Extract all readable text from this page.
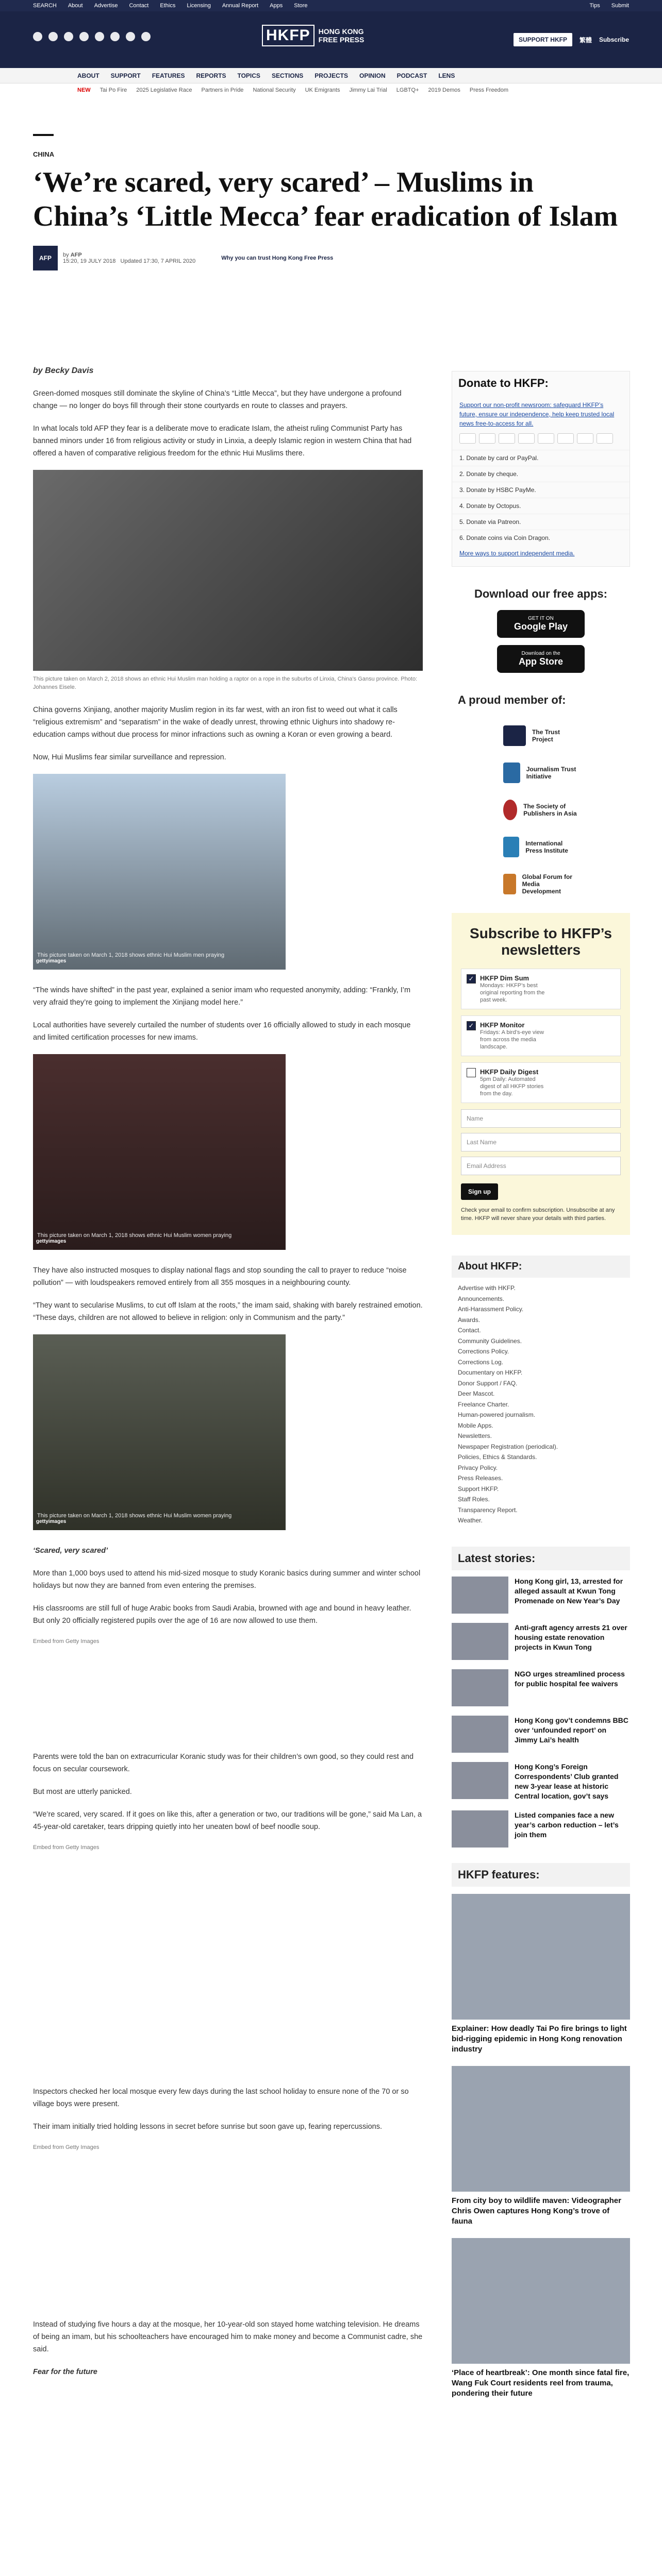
SEARCH About Advertise Contact Ethics Licensing Annual Report Apps Store	Tips Submit
HKFP	HONG KONG
FREE PRESS	SUPPORT HKFP	繁體 Subscribe
ABOUT SUPPORT FEATURES REPORTS TOPICS SECTIONS PROJECTS OPINION PODCAST LENS
NEW Tai Po Fire 2025 Legislative Race Partners in Pride National Security UK Emigrants Jimmy Lai Trial LGBTQ+ 2019 Demos Press Freedom
CHINA
‘We’re scared, very scared’ – Muslims in China’s ‘Little Mecca’ fear eradication of Islam
AFP	by AFP
15:20, 19 JULY 2018 Updated 17:30, 7 APRIL 2020	Why you can trust Hong Kong Free Press

by Becky Davis

Green-domed mosques still dominate the skyline of China’s “Little Mecca”, but they have undergone a profound change — no longer do boys fill through their stone courtyards en route to classes and prayers.

In what locals told AFP they fear is a deliberate move to eradicate Islam, the atheist ruling Communist Party has banned minors under 16 from religious activity or study in Linxia, a deeply Islamic region in western China that had offered a haven of comparative religious freedom for the ethnic Hui Muslims there.

This picture taken on March 2, 2018 shows an ethnic Hui Muslim man holding a raptor on a rope in the suburbs of Linxia, China’s Gansu province. Photo: Johannes Eisele.

China governs Xinjiang, another majority Muslim region in its far west, with an iron fist to weed out what it calls “religious extremism” and “separatism” in the wake of deadly unrest, throwing ethnic Uighurs into shadowy re-education camps without due process for minor infractions such as owning a Koran or even growing a beard.

Now, Hui Muslims fear similar surveillance and repression.

This picture taken on March 1, 2018 shows ethnic Hui Muslim men praying
gettyimages

“The winds have shifted” in the past year, explained a senior imam who requested anonymity, adding: “Frankly, I’m very afraid they’re going to implement the Xinjiang model here.”

Local authorities have severely curtailed the number of students over 16 officially allowed to study in each mosque and limited certification processes for new imams.

This picture taken on March 1, 2018 shows ethnic Hui Muslim women praying
gettyimages

They have also instructed mosques to display national flags and stop sounding the call to prayer to reduce “noise pollution” — with loudspeakers removed entirely from all 355 mosques in a neighbouring county.

“They want to secularise Muslims, to cut off Islam at the roots,” the imam said, shaking with barely restrained emotion. “These days, children are not allowed to believe in religion: only in Communism and the party.”

This picture taken on March 1, 2018 shows ethnic Hui Muslim women praying
gettyimages

‘Scared, very scared’

More than 1,000 boys used to attend his mid-sized mosque to study Koranic basics during summer and winter school holidays but now they are banned from even entering the premises.

His classrooms are still full of huge Arabic books from Saudi Arabia, browned with age and bound in heavy leather. But only 20 officially registered pupils over the age of 16 are now allowed to use them.

Embed from Getty Images

Parents were told the ban on extracurricular Koranic study was for their children’s own good, so they could rest and focus on secular coursework.

But most are utterly panicked.

“We’re scared, very scared. If it goes on like this, after a generation or two, our traditions will be gone,” said Ma Lan, a 45-year-old caretaker, tears dripping quietly into her uneaten bowl of beef noodle soup.

Embed from Getty Images

Inspectors checked her local mosque every few days during the last school holiday to ensure none of the 70 or so village boys were present.

Their imam initially tried holding lessons in secret before sunrise but soon gave up, fearing repercussions.

Embed from Getty Images

Instead of studying five hours a day at the mosque, her 10-year-old son stayed home watching television. He dreams of being an imam, but his schoolteachers have encouraged him to make money and become a Communist cadre, she said.

Fear for the future

Donate to HKFP:
Support our non-profit newsroom: safeguard HKFP’s future, ensure our independence, help keep trusted local news free-to-access for all.
1. Donate by card or PayPal.
2. Donate by cheque.
3. Donate by HSBC PayMe.
4. Donate by Octopus.
5. Donate via Patreon.
6. Donate coins via Coin Dragon.
More ways to support independent media.
Download our free apps:
GET IT ON
Google Play
Download on the
App Store
A proud member of:
The Trust Project
Journalism Trust Initiative
The Society of Publishers in Asia
International Press Institute
Global Forum for Media Development
Subscribe to HKFP’s newsletters
✓ HKFP Dim Sum
Mondays: HKFP’s best original reporting from the past week.
✓ HKFP Monitor
Fridays: A bird’s-eye view from across the media landscape.
HKFP Daily Digest
5pm Daily: Automated digest of all HKFP stories from the day.
Name
Last Name
Email Address
Sign up
Check your email to confirm subscription. Unsubscribe at any time. HKFP will never share your details with third parties.
About HKFP:
Advertise with HKFP.
Announcements.
Anti-Harassment Policy.
Awards.
Contact.
Community Guidelines.
Corrections Policy.
Corrections Log.
Documentary on HKFP.
Donor Support / FAQ.
Deer Mascot.
Freelance Charter.
Human-powered journalism.
Mobile Apps.
Newsletters.
Newspaper Registration (periodical).
Policies, Ethics & Standards.
Privacy Policy.
Press Releases.
Support HKFP.
Staff Roles.
Transparency Report.
Weather.
Latest stories:
Hong Kong girl, 13, arrested for alleged assault at Kwun Tong Promenade on New Year’s Day
Anti-graft agency arrests 21 over housing estate renovation projects in Kwun Tong
NGO urges streamlined process for public hospital fee waivers
Hong Kong gov’t condemns BBC over ‘unfounded report’ on Jimmy Lai’s health
Hong Kong’s Foreign Correspondents’ Club granted new 3-year lease at historic Central location, gov’t says
Listed companies face a new year’s carbon reduction – let’s join them
HKFP features:
Explainer: How deadly Tai Po fire brings to light bid-rigging epidemic in Hong Kong renovation industry
From city boy to wildlife maven: Videographer Chris Owen captures Hong Kong’s trove of fauna
‘Place of heartbreak’: One month since fatal fire, Wang Fuk Court residents reel from trauma, pondering their future
